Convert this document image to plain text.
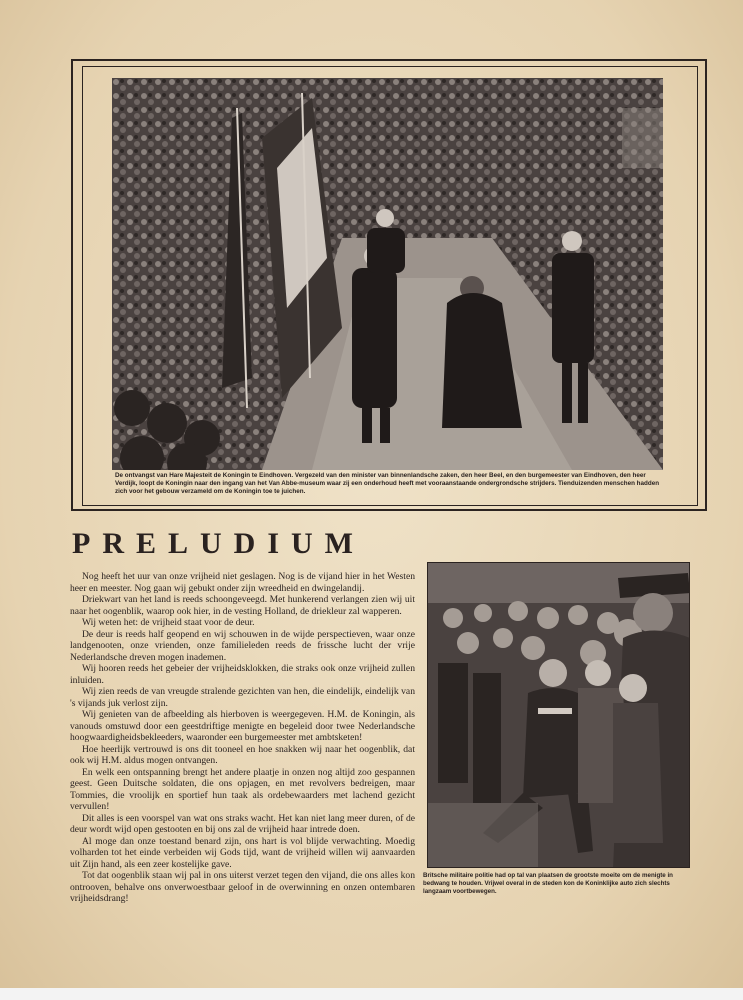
De ontvangst van Hare Majesteit de Koningin te Eindhoven. Vergezeld van den minister van binnenlandsche zaken, den heer Beel, en den burgemeester van Eindhoven, den heer Verdijk, loopt de Koningin naar den ingang van het Van Abbe-museum waar zij een onderhoud heeft met vooraanstaande ondergrondsche strijders. Tienduizenden menschen hadden zich voor het gebouw verzameld om de Koningin toe te juichen.
PRELUDIUM

Nog heeft het uur van onze vrijheid niet geslagen. Nog is de vijand hier in het Westen heer en meester. Nog gaan wij gebukt onder zijn wreedheid en dwingelandij.

Driekwart van het land is reeds schoongeveegd. Met hunkerend verlangen zien wij uit naar het oogenblik, waarop ook hier, in de vesting Holland, de driekleur zal wapperen.

Wij weten het: de vrijheid staat voor de deur.

De deur is reeds half geopend en wij schouwen in de wijde perspectieven, waar onze landgenooten, onze vrienden, onze familieleden reeds de frissche lucht der vrije Nederlandsche dreven mogen inademen.

Wij hooren reeds het gebeier der vrijheidsklokken, die straks ook onze vrijheid zullen inluiden.

Wij zien reeds de van vreugde stralende gezichten van hen, die eindelijk, eindelijk van 's vijands juk verlost zijn.

Wij genieten van de afbeelding als hierboven is weergegeven. H.M. de Koningin, als vanouds omstuwd door een geestdriftige menigte en begeleid door twee Nederlandsche hoogwaardigheidsbekleeders, waaronder een burgemeester met ambtsketen!

Hoe heerlijk vertrouwd is ons dit tooneel en hoe snakken wij naar het oogenblik, dat ook wij H.M. aldus mogen ontvangen.

En welk een ontspanning brengt het andere plaatje in onzen nog altijd zoo gespannen geest. Geen Duitsche soldaten, die ons opjagen, en met revolvers bedreigen, maar Tommies, die vroolijk en sportief hun taak als ordebewaarders met lachend gezicht vervullen!

Dit alles is een voorspel van wat ons straks wacht. Het kan niet lang meer duren, of de deur wordt wijd open gestooten en bij ons zal de vrijheid haar intrede doen.

Al moge dan onze toestand benard zijn, ons hart is vol blijde verwachting. Moedig volharden tot het einde verbeiden wij Gods tijd, want de vrijheid willen wij aanvaarden uit Zijn hand, als een zeer kostelijke gave.

Tot dat oogenblik staan wij pal in ons uiterst verzet tegen den vijand, die ons alles kon ontrooven, behalve ons onverwoestbaar geloof in de overwinning en onzen ontembaren vrijheidsdrang!

Britsche militaire politie had op tal van plaatsen de grootste moeite om de menigte in bedwang te houden. Vrijwel overal in de steden kon de Koninklijke auto zich slechts langzaam voortbewegen.
